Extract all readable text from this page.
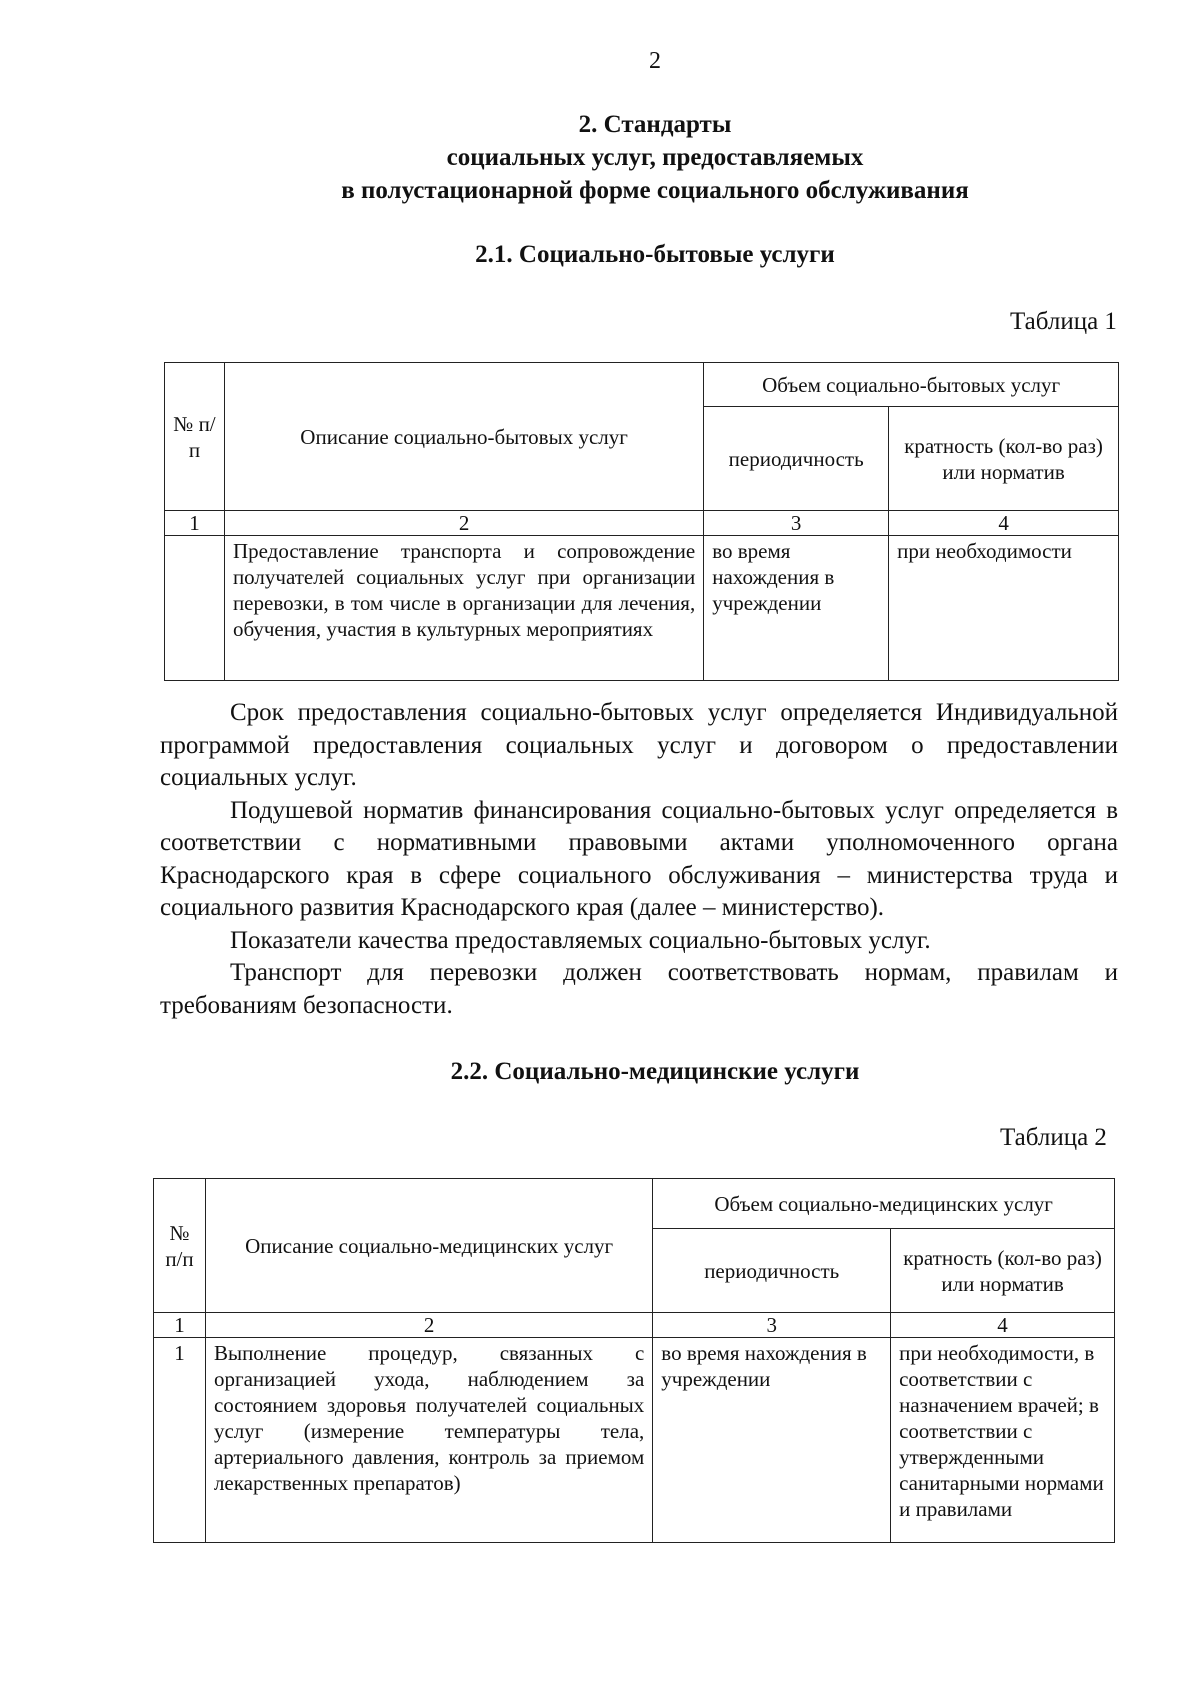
2
2. Стандарты
социальных услуг, предоставляемых
в полустационарной форме социального обслуживания
2.1. Социально-бытовые услуги
Таблица 1
№ п/п	Описание социально-бытовых услуг	Объем социально-бытовых услуг	
		периодичность	кратность (кол-во раз) или норматив
1	2	3	4
	Предоставление транспорта и сопровождение получателей социальных услуг при организации перевозки, в том числе в организации для лечения, обучения, участия в культурных мероприятиях	во время нахождения в учреждении	при необходимости

Срок предоставления социально-бытовых услуг определяется Индивидуальной программой предоставления социальных услуг и договором о предоставлении социальных услуг.

Подушевой норматив финансирования социально-бытовых услуг определяется в соответствии с нормативными правовыми актами уполномоченного органа Краснодарского края в сфере социального обслуживания – министерства труда и социального развития Краснодарского края (далее – министерство).

Показатели качества предоставляемых социально-бытовых услуг.

Транспорт для перевозки должен соответствовать нормам, правилам и требованиям безопасности.

2.2. Социально-медицинские услуги
Таблица 2
№ п/п	Описание социально-медицинских услуг	Объем социально-медицинских услуг	
		периодичность	кратность (кол-во раз) или норматив
1	2	3	4
1	Выполнение процедур, связанных с организацией ухода, наблюдением за состоянием здоровья получателей социальных услуг (измерение температуры тела, артериального давления, контроль за приемом лекарственных препаратов)	во время нахождения в учреждении	при необходимости, в соответствии с назначением врачей; в соответствии с утвержденными санитарными нормами и правилами
